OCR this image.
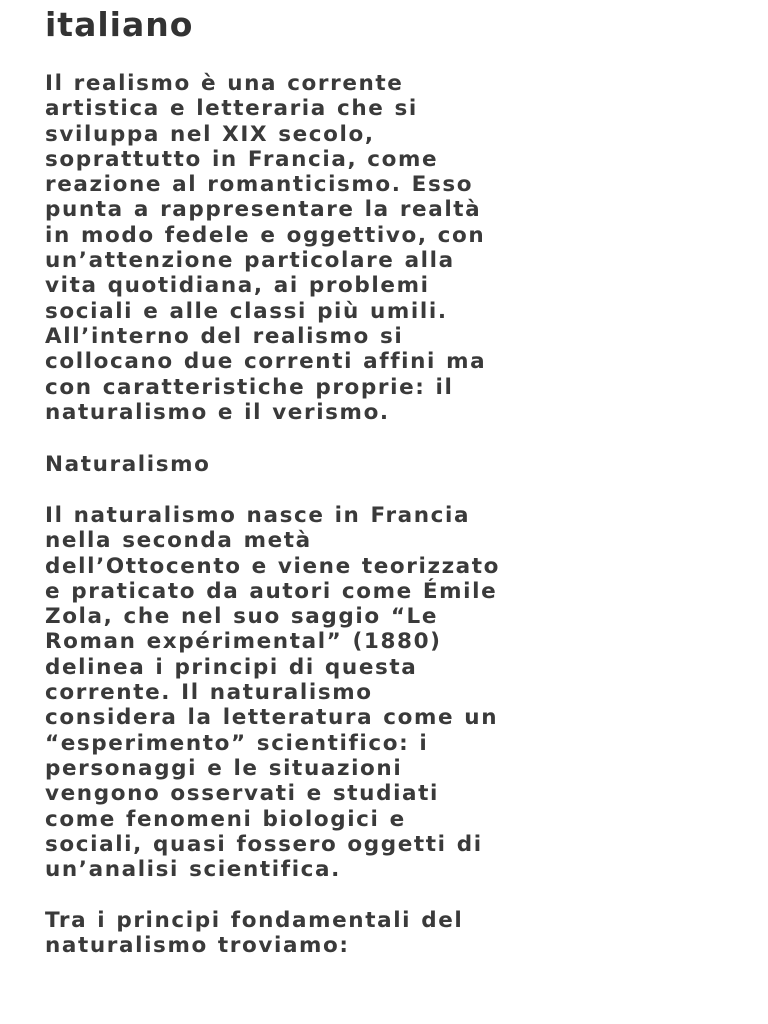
italiano

Il realismo è una corrente
artistica e letteraria che si
sviluppa nel XIX secolo,
soprattutto in Francia, come
reazione al romanticismo. Esso
punta a rappresentare la realtà
in modo fedele e oggettivo, con
un’attenzione particolare alla
vita quotidiana, ai problemi
sociali e alle classi più umili.
All’interno del realismo si
collocano due correnti affini ma
con caratteristiche proprie: il
naturalismo e il verismo.

Naturalismo

Il naturalismo nasce in Francia
nella seconda metà
dell’Ottocento e viene teorizzato
e praticato da autori come Émile
Zola, che nel suo saggio “Le
Roman expérimental” (1880)
delinea i principi di questa
corrente. Il naturalismo
considera la letteratura come un
“esperimento” scientifico: i
personaggi e le situazioni
vengono osservati e studiati
come fenomeni biologici e
sociali, quasi fossero oggetti di
un’analisi scientifica.

Tra i principi fondamentali del
naturalismo troviamo:
